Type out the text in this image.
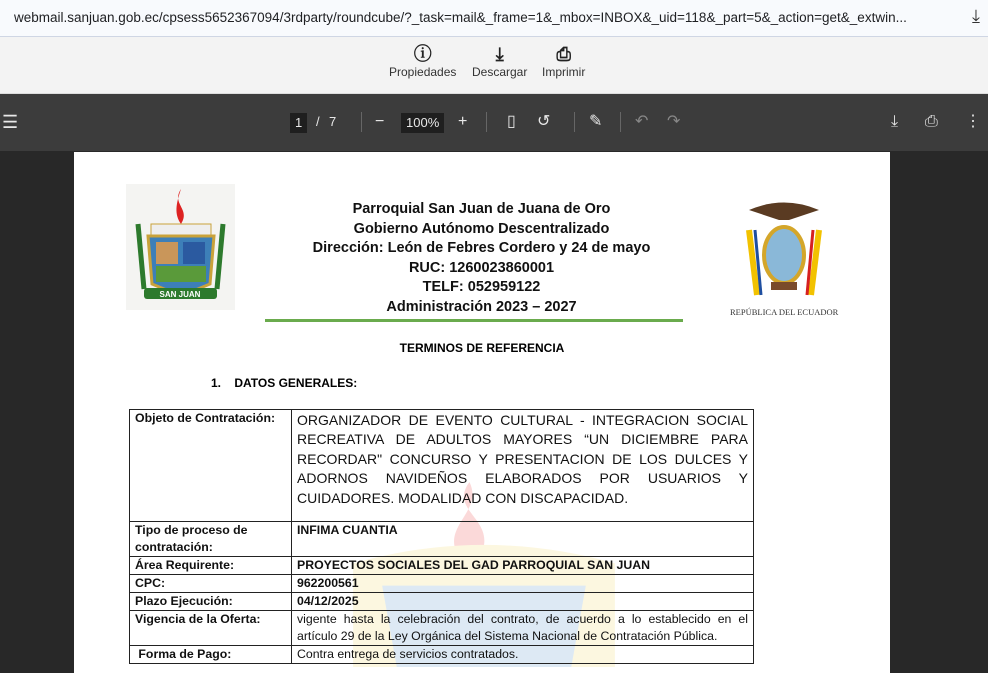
webmail.sanjuan.gob.ec/cpsess5652367094/3rdparty/roundcube/?_task=mail&_frame=1&_mbox=INBOX&_uid=118&_part=5&_action=get&_extwin...	⤓
ⓘ
Propiedades
⤓
Descargar
⎙
Imprimir
☰	1	/ 7 −	100%	+ ▯ ↺ ✎ ↶ ↷	⤓ ⎙ ⋮
SAN JUAN
Parroquial San Juan de Juana de Oro
Gobierno Autónomo Descentralizado
Dirección: León de Febres Cordero y 24 de mayo
RUC: 1260023860001
TELF: 052959122
Administración 2023 – 2027	REPÚBLICA DEL ECUADOR
TERMINOS DE REFERENCIA
1.    DATOS GENERALES:
Objeto de Contratación:	ORGANIZADOR DE EVENTO CULTURAL - INTEGRACION SOCIAL RECREATIVA DE ADULTOS MAYORES “UN DICIEMBRE PARA RECORDAR" CONCURSO Y PRESENTACION DE LOS DULCES Y ADORNOS NAVIDEÑOS ELABORADOS POR USUARIOS Y CUIDADORES. MODALIDAD CON DISCAPACIDAD.
Tipo de proceso de contratación:	INFIMA CUANTIA
Área Requirente:	PROYECTOS SOCIALES DEL GAD PARROQUIAL SAN JUAN
CPC:	962200561
Plazo Ejecución:	04/12/2025
Vigencia de la Oferta:	vigente hasta la celebración del contrato, de acuerdo a lo establecido en el artículo 29 de la Ley Orgánica del Sistema Nacional de Contratación Pública.
Forma de Pago:	Contra entrega de servicios contratados.
